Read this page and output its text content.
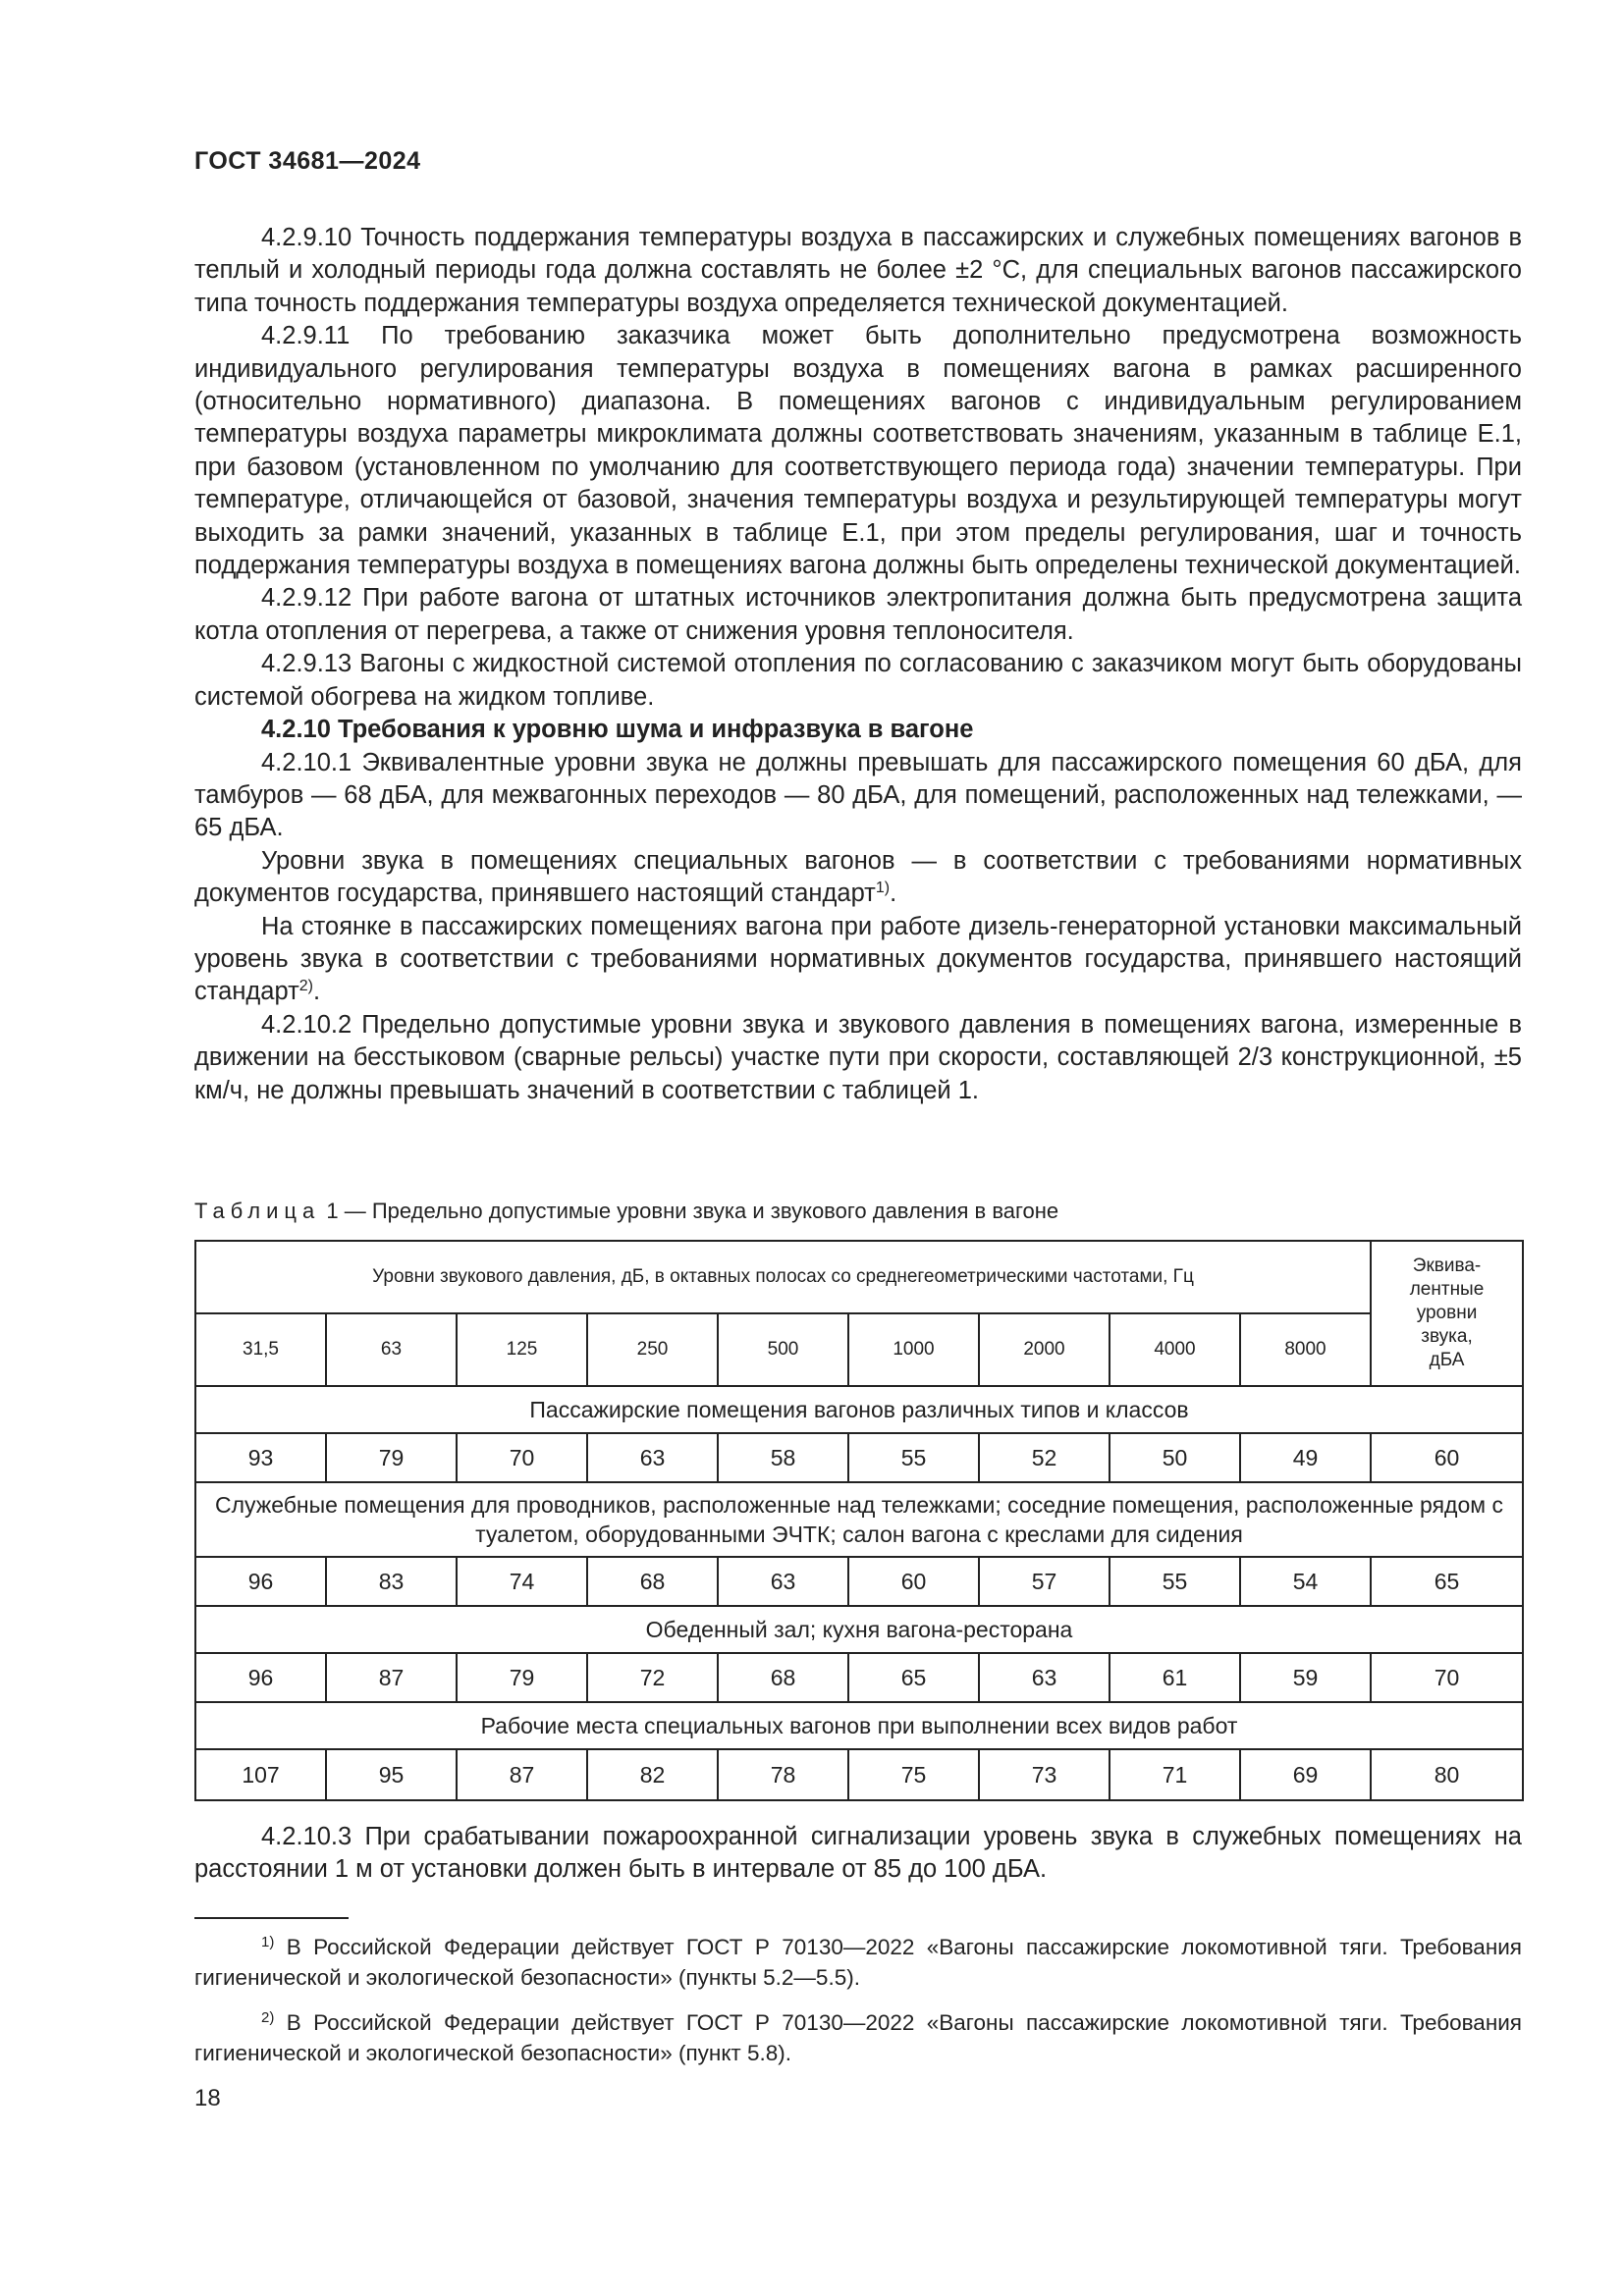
ГОСТ 34681—2024

4.2.9.10 Точность поддержания температуры воздуха в пассажирских и служебных помещениях вагонов в теплый и холодный периоды года должна составлять не более ±2 °С, для специальных вагонов пассажирского типа точность поддержания температуры воздуха определяется технической документацией.

4.2.9.11 По требованию заказчика может быть дополнительно предусмотрена возможность индивидуального регулирования температуры воздуха в помещениях вагона в рамках расширенного (относительно нормативного) диапазона. В помещениях вагонов с индивидуальным регулированием температуры воздуха параметры микроклимата должны соответствовать значениям, указанным в таблице Е.1, при базовом (установленном по умолчанию для соответствующего периода года) значении температуры. При температуре, отличающейся от базовой, значения температуры воздуха и результирующей температуры могут выходить за рамки значений, указанных в таблице Е.1, при этом пределы регулирования, шаг и точность поддержания температуры воздуха в помещениях вагона должны быть определены технической документацией.

4.2.9.12 При работе вагона от штатных источников электропитания должна быть предусмотрена защита котла отопления от перегрева, а также от снижения уровня теплоносителя.

4.2.9.13 Вагоны с жидкостной системой отопления по согласованию с заказчиком могут быть оборудованы системой обогрева на жидком топливе.

4.2.10 Требования к уровню шума и инфразвука в вагоне

4.2.10.1 Эквивалентные уровни звука не должны превышать для пассажирского помещения 60 дБА, для тамбуров — 68 дБА, для межвагонных переходов — 80 дБА, для помещений, расположенных над тележками, — 65 дБА.

Уровни звука в помещениях специальных вагонов — в соответствии с требованиями нормативных документов государства, принявшего настоящий стандарт$^{1)}$.

На стоянке в пассажирских помещениях вагона при работе дизель-генераторной установки максимальный уровень звука в соответствии с требованиями нормативных документов государства, принявшего настоящий стандарт$^{2)}$.

4.2.10.2 Предельно допустимые уровни звука и звукового давления в помещениях вагона, измеренные в движении на бесстыковом (сварные рельсы) участке пути при скорости, составляющей 2/3 конструкционной, ±5 км/ч, не должны превышать значений в соответствии с таблицей 1.

Таблица 1 — Предельно допустимые уровни звука и звукового давления в вагоне
Уровни звукового давления, дБ, в октавных полосах со среднегеометрическими частотами, Гц									Эквива-
лентные
уровни
звука,
дБА
31,5	63	125	250	500	1000	2000	4000	8000	
Пассажирские помещения вагонов различных типов и классов									
93	79	70	63	58	55	52	50	49	60
Служебные помещения для проводников, расположенные над тележками; соседние помещения, расположенные рядом с туалетом, оборудованными ЭЧТК; салон вагона с креслами для сидения									
96	83	74	68	63	60	57	55	54	65
Обеденный зал; кухня вагона-ресторана									
96	87	79	72	68	65	63	61	59	70
Рабочие места специальных вагонов при выполнении всех видов работ									
107	95	87	82	78	75	73	71	69	80

4.2.10.3 При срабатывании пожароохранной сигнализации уровень звука в служебных помещениях на расстоянии 1 м от установки должен быть в интервале от 85 до 100 дБА.

$^{1)}$ В Российской Федерации действует ГОСТ Р 70130—2022 «Вагоны пассажирские локомотивной тяги. Требования гигиенической и экологической безопасности» (пункты 5.2—5.5).

$^{2)}$ В Российской Федерации действует ГОСТ Р 70130—2022 «Вагоны пассажирские локомотивной тяги. Требования гигиенической и экологической безопасности» (пункт 5.8).

18
